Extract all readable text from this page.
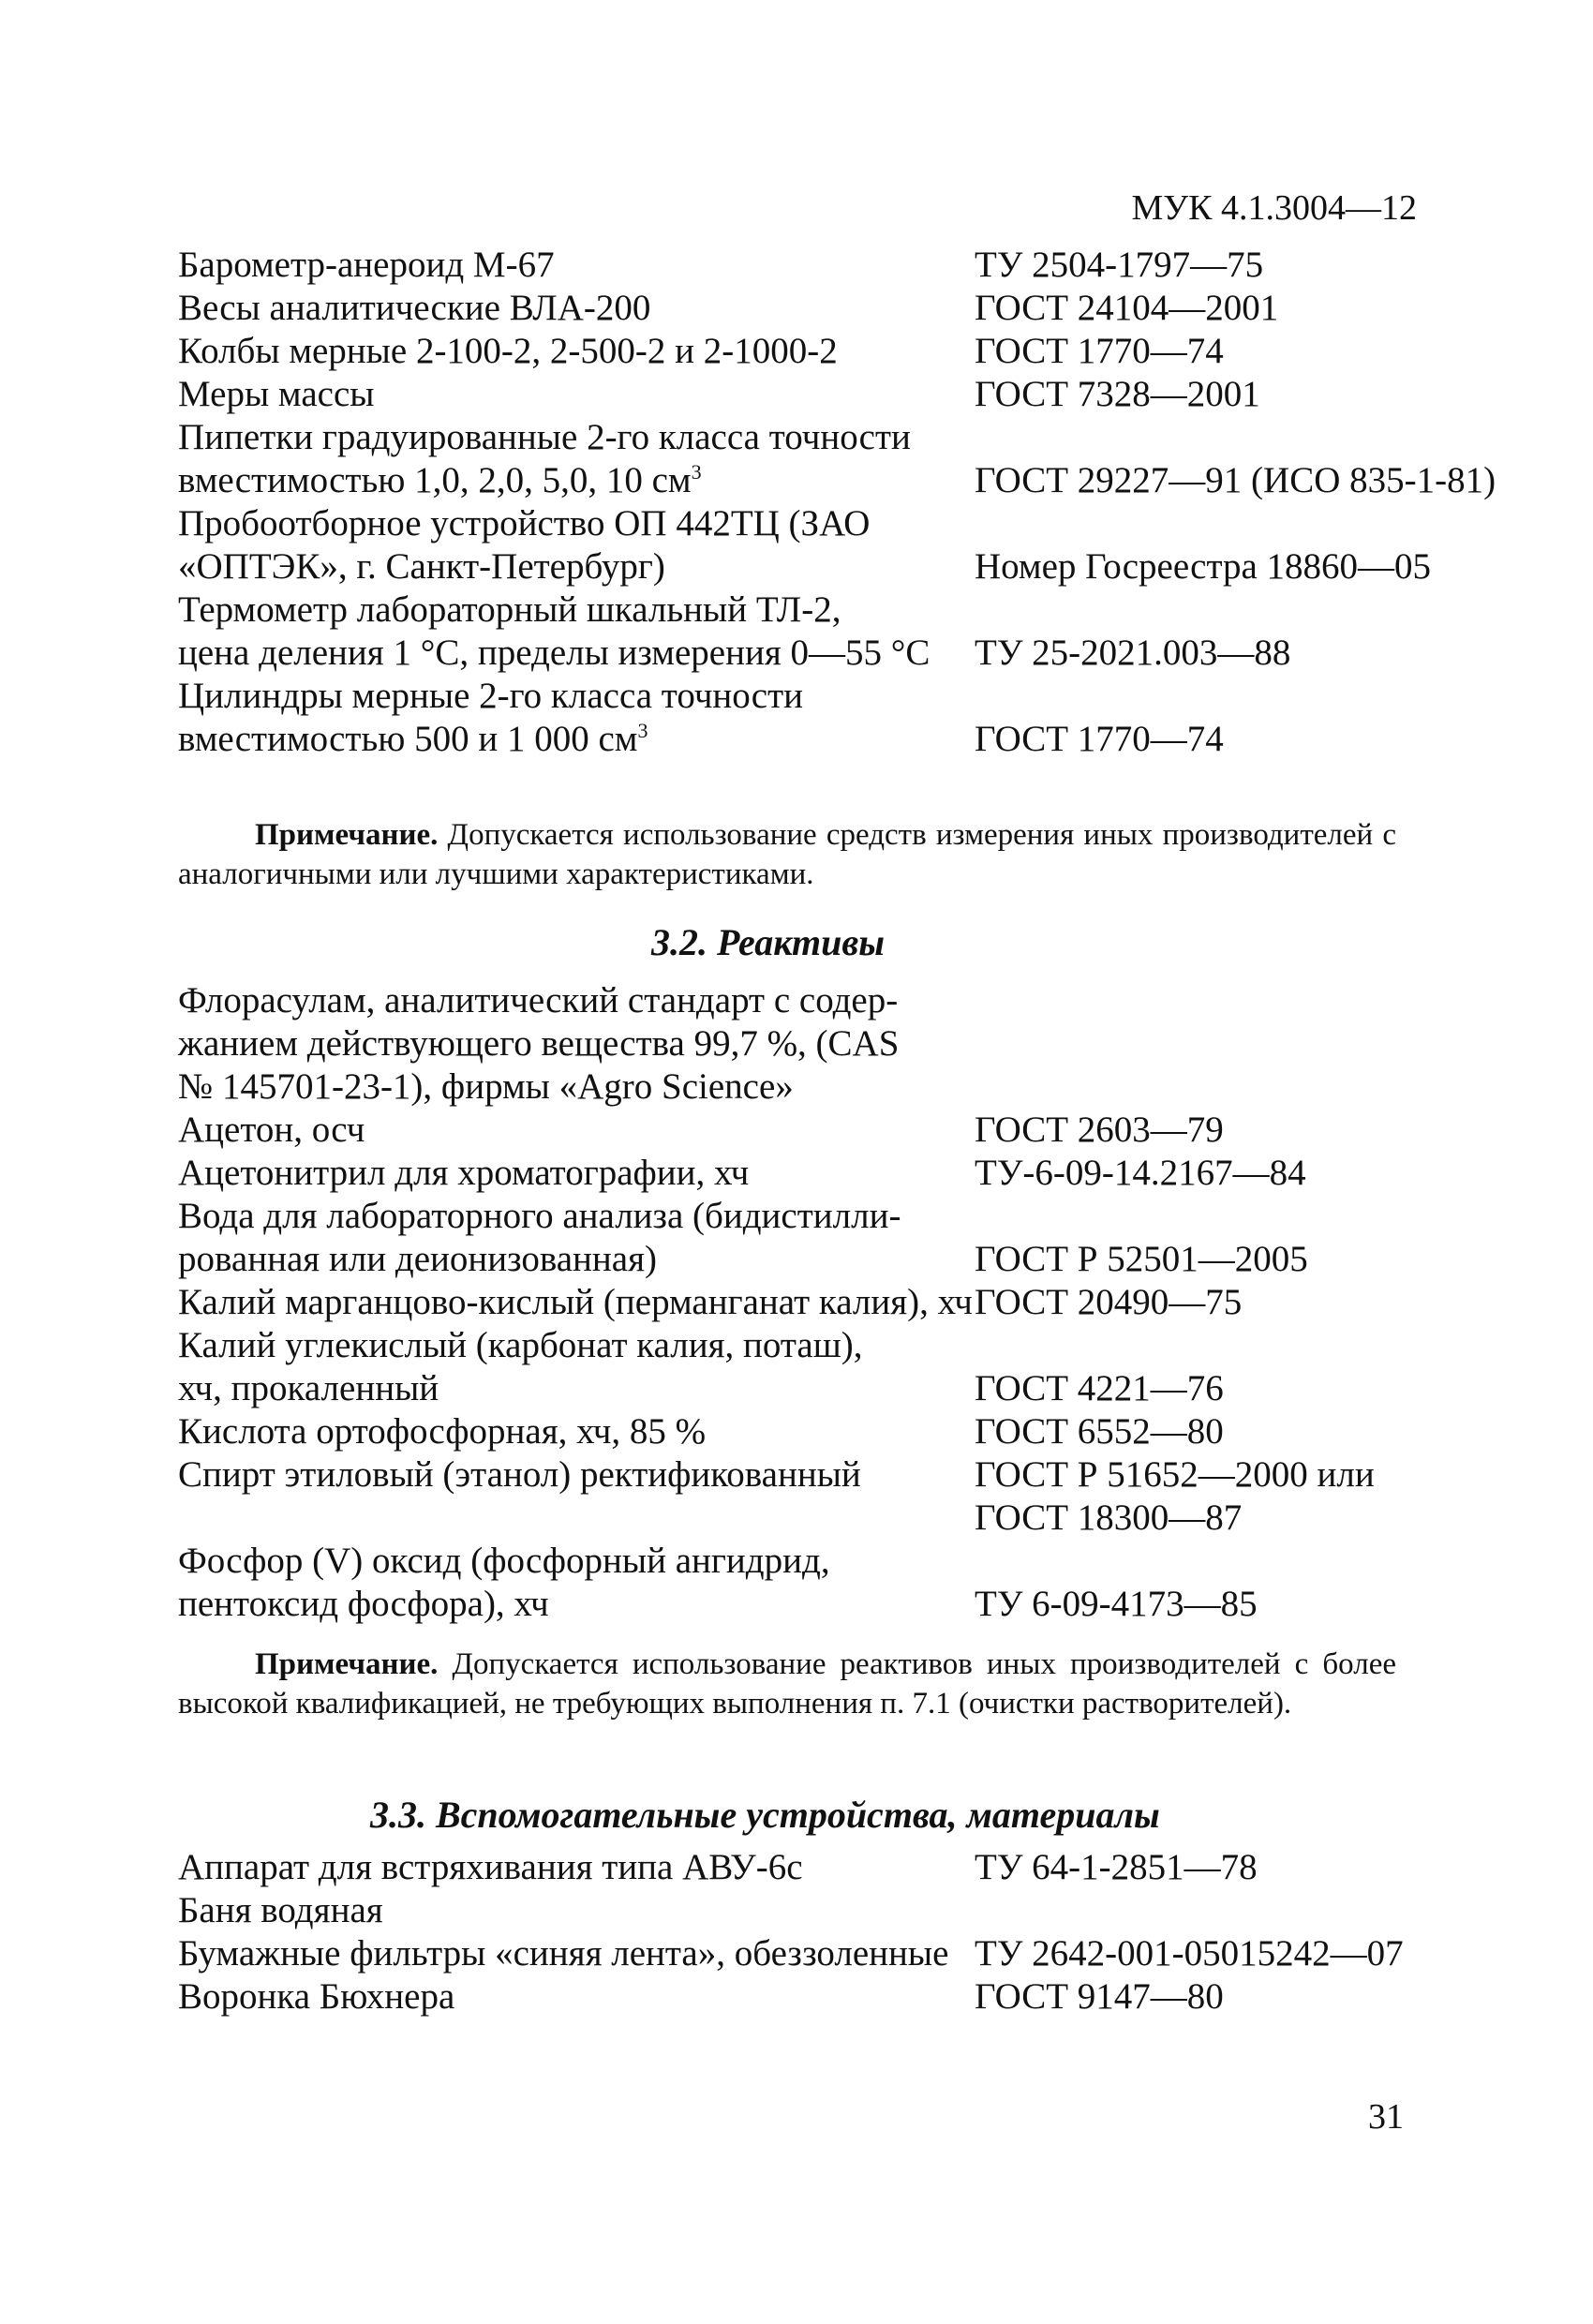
МУК 4.1.3004—12
Барометр-анероид М-67	ТУ 2504-1797—75
Весы аналитические ВЛА-200	ГОСТ 24104—2001
Колбы мерные 2-100-2, 2-500-2 и 2-1000-2	ГОСТ 1770—74
Меры массы	ГОСТ 7328—2001
Пипетки градуированные 2-го класса точности
вместимостью 1,0, 2,0, 5,0, 10 $см^3$	ГОСТ 29227—91 (ИСО 835-1-81)
Пробоотборное устройство ОП 442ТЦ (ЗАО
«ОПТЭК», г. Санкт-Петербург)	Номер Госреестра 18860—05
Термометр лабораторный шкальный ТЛ-2,
цена деления 1 °С, пределы измерения 0—55 °С	ТУ 25-2021.003—88
Цилиндры мерные 2-го класса точности
вместимостью 500 и 1 000 $см^3$	ГОСТ 1770—74
Примечание. Допускается использование средств измерения иных производителей с аналогичными или лучшими характеристиками.
3.2. Реактивы
Флорасулам, аналитический стандарт с содер-
жанием действующего вещества 99,7 %, (CAS
№ 145701-23-1), фирмы «Agro Science»
Ацетон, осч	ГОСТ 2603—79
Ацетонитрил для хроматографии, хч	ТУ-6-09-14.2167—84
Вода для лабораторного анализа (бидистилли-
рованная или деионизованная)	ГОСТ Р 52501—2005
Калий марганцово-кислый (перманганат калия), хч ГОСТ 20490—75
Калий углекислый (карбонат калия, поташ),
хч, прокаленный	ГОСТ 4221—76
Кислота ортофосфорная, хч, 85 %	ГОСТ 6552—80
Спирт этиловый (этанол) ректификованный	ГОСТ Р 51652—2000 или
ГОСТ 18300—87
Фосфор (V) оксид (фосфорный ангидрид,
пентоксид фосфора), хч	ТУ 6-09-4173—85
Примечание. Допускается использование реактивов иных производителей с более высокой квалификацией, не требующих выполнения п. 7.1 (очистки растворителей).
3.3. Вспомогательные устройства, материалы
Аппарат для встряхивания типа АВУ-6с	ТУ 64-1-2851—78
Баня водяная
Бумажные фильтры «синяя лента», обеззоленные ТУ 2642-001-05015242—07
Воронка Бюхнера	ГОСТ 9147—80
31
